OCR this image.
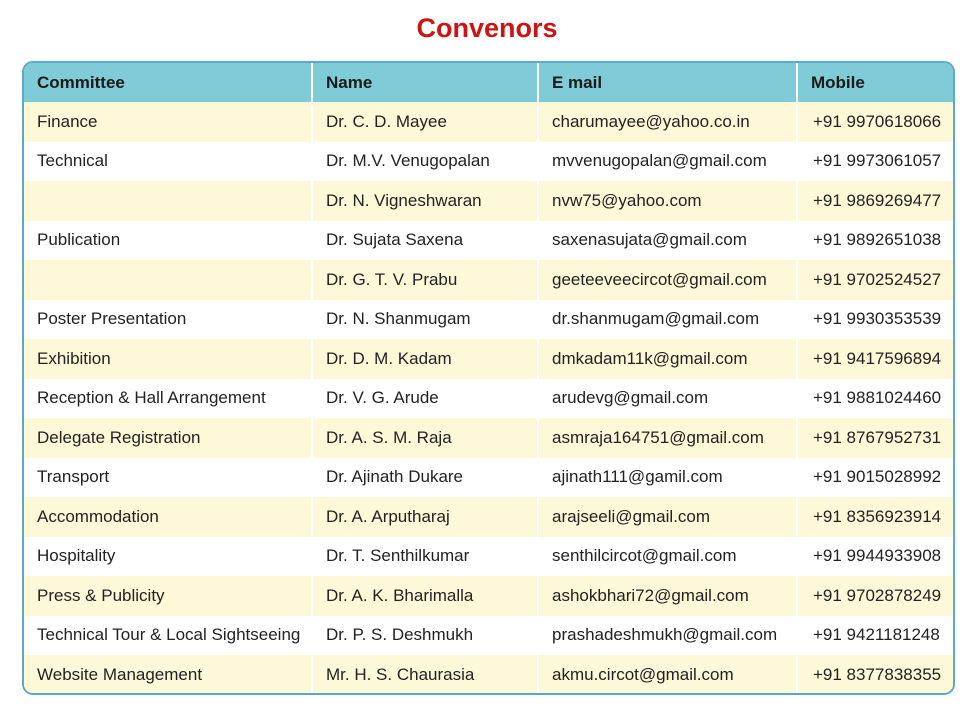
Convenors
Committee	Name	E mail	Mobile
Finance	Dr. C. D. Mayee	charumayee@yahoo.co.in	+91 9970618066
Technical	Dr. M.V. Venugopalan	mvvenugopalan@gmail.com	+91 9973061057
	Dr. N. Vigneshwaran	nvw75@yahoo.com	+91 9869269477
Publication	Dr. Sujata Saxena	saxenasujata@gmail.com	+91 9892651038
	Dr. G. T. V. Prabu	geeteeveecircot@gmail.com	+91 9702524527
Poster Presentation	Dr. N. Shanmugam	dr.shanmugam@gmail.com	+91 9930353539
Exhibition	Dr. D. M. Kadam	dmkadam11k@gmail.com	+91 9417596894
Reception & Hall Arrangement	Dr. V. G. Arude	arudevg@gmail.com	+91 9881024460
Delegate Registration	Dr. A. S. M. Raja	asmraja164751@gmail.com	+91 8767952731
Transport	Dr. Ajinath Dukare	ajinath111@gamil.com	+91 9015028992
Accommodation	Dr. A. Arputharaj	arajseeli@gmail.com	+91 8356923914
Hospitality	Dr. T. Senthilkumar	senthilcircot@gmail.com	+91 9944933908
Press & Publicity	Dr. A. K. Bharimalla	ashokbhari72@gmail.com	+91 9702878249
Technical Tour & Local Sightseeing	Dr. P. S. Deshmukh	prashadeshmukh@gmail.com	+91 9421181248
Website Management	Mr. H. S. Chaurasia	akmu.circot@gmail.com	+91 8377838355
